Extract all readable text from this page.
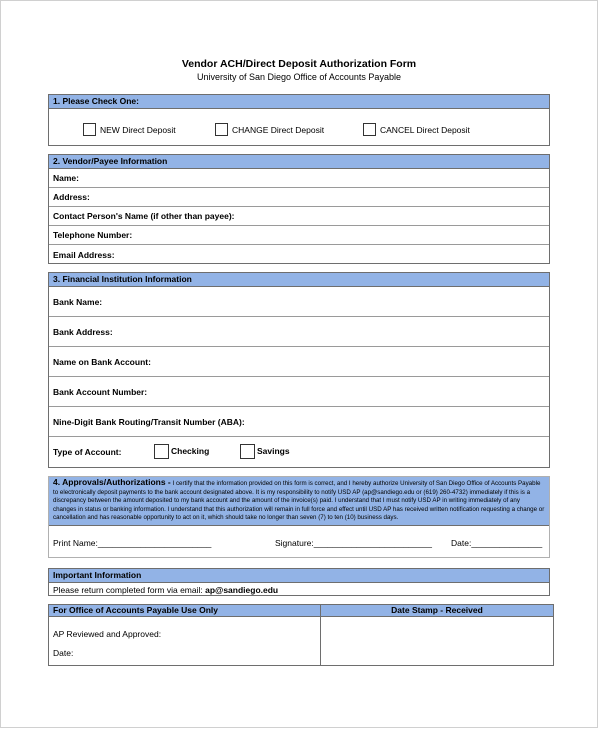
Vendor ACH/Direct Deposit Authorization Form
University of San Diego Office of Accounts Payable
1. Please Check One:
NEW Direct Deposit	CHANGE Direct Deposit	CANCEL Direct Deposit
2. Vendor/Payee Information
Name:
Address:
Contact Person's Name (if other than payee):
Telephone Number:
Email Address:
3. Financial Institution Information
Bank Name:
Bank Address:
Name on Bank Account:
Bank Account Number:
Nine-Digit Bank Routing/Transit Number (ABA):
Type of Account:	Checking	Savings
4. Approvals/Authorizations - I certify that the information provided on this form is correct, and I hereby authorize University of San Diego Office of Accounts Payable to electronically deposit payments to the bank account designated above. It is my responsibility to notify USD AP (ap@sandiego.edu or (619) 260-4732) immediately if this is a discrepancy between the amount deposited to my bank account and the amount of the invoice(s) paid. I understand that I must notify USD AP in writing immediately of any changes in status or banking information. I understand that this authorization will remain in full force and effect until USD AP has received written notification requesting a change or cancellation and has reasonable opportunity to act on it, which should take no longer than seven (7) to ten (10) business days.
Print Name:________________________	Signature:_________________________ Date:_______________
Important Information
Please return completed form via email: ap@sandiego.edu
For Office of Accounts Payable Use Only
AP Reviewed and Approved:
Date:
Date Stamp - Received
